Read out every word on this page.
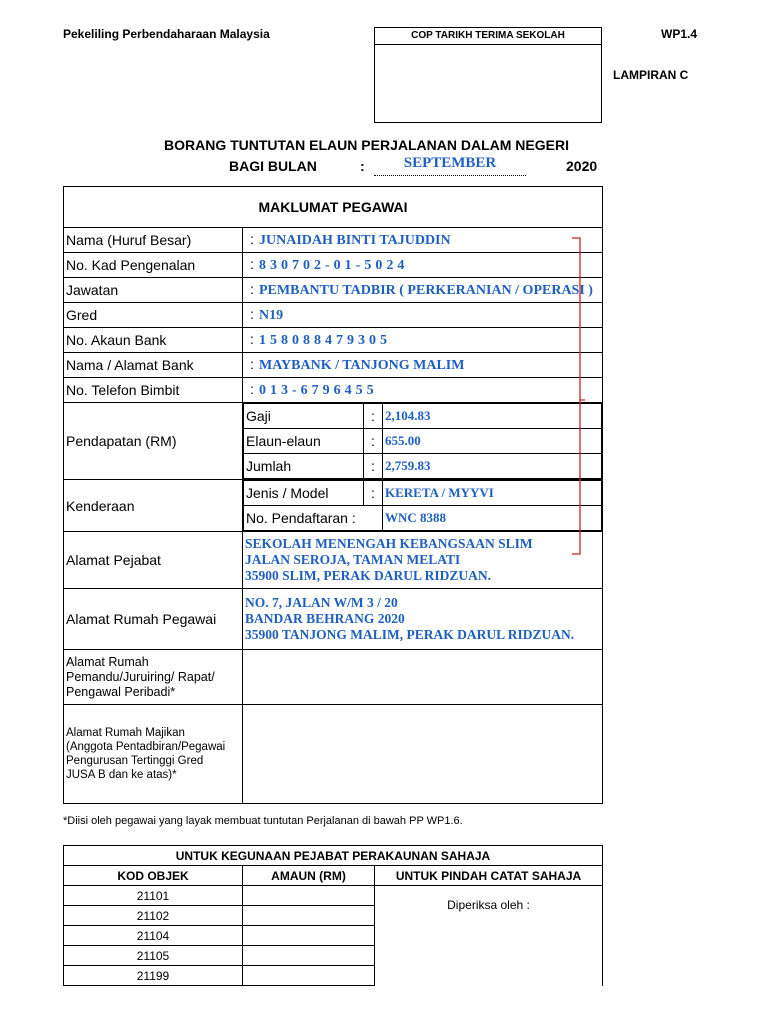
Pekeliling Perbendaharaan Malaysia	COP TARIKH TERIMA SEKOLAH	WP1.4
LAMPIRAN C
BORANG TUNTUTAN ELAUN PERJALANAN DALAM NEGERI
BAGI BULAN	:	SEPTEMBER	2020
MAKLUMAT PEGAWAI
Nama (Huruf Besar)	: JUNAIDAH BINTI TAJUDDIN
No. Kad Pengenalan	: 830702-01-5024
Jawatan	: PEMBANTU TADBIR ( PERKERANIAN / OPERASI )
Gred	: N19
No. Akaun Bank	: 158088479305
Nama / Alamat Bank	: MAYBANK / TANJONG MALIM
No. Telefon Bimbit	: 013-6796455
Pendapatan (RM)	
Gaji	:	2,104.83
Elaun-elaun	:	655.00
Jumlah	:	2,759.83

Kenderaan	
Jenis / Model	:	KERETA / MYYVI
No. Pendaftaran :	WNC 8388

Alamat Pejabat	
SEKOLAH MENENGAH KEBANGSAAN SLIM
JALAN SEROJA, TAMAN MELATI
35900 SLIM, PERAK DARUL RIDZUAN.

Alamat Rumah Pegawai	
NO. 7, JALAN W/M 3 / 20
BANDAR BEHRANG 2020
35900 TANJONG MALIM, PERAK DARUL RIDZUAN.

Alamat Rumah
Pemandu/Juruiring/ Rapat/
Pengawal Peribadi*

Alamat Rumah Majikan
(Anggota Pentadbiran/Pegawai
Pengurusan Tertinggi Gred
JUSA B dan ke atas)*

*Diisi oleh pegawai yang layak membuat tuntutan Perjalanan di bawah PP WP1.6.
UNTUK KEGUNAAN PEJABAT PERAKAUNAN SAHAJA		
KOD OBJEK	AMAUN (RM)	UNTUK PINDAH CATAT SAHAJA
21101		Diperiksa oleh :

21102		
21104		
21105		
21199		
